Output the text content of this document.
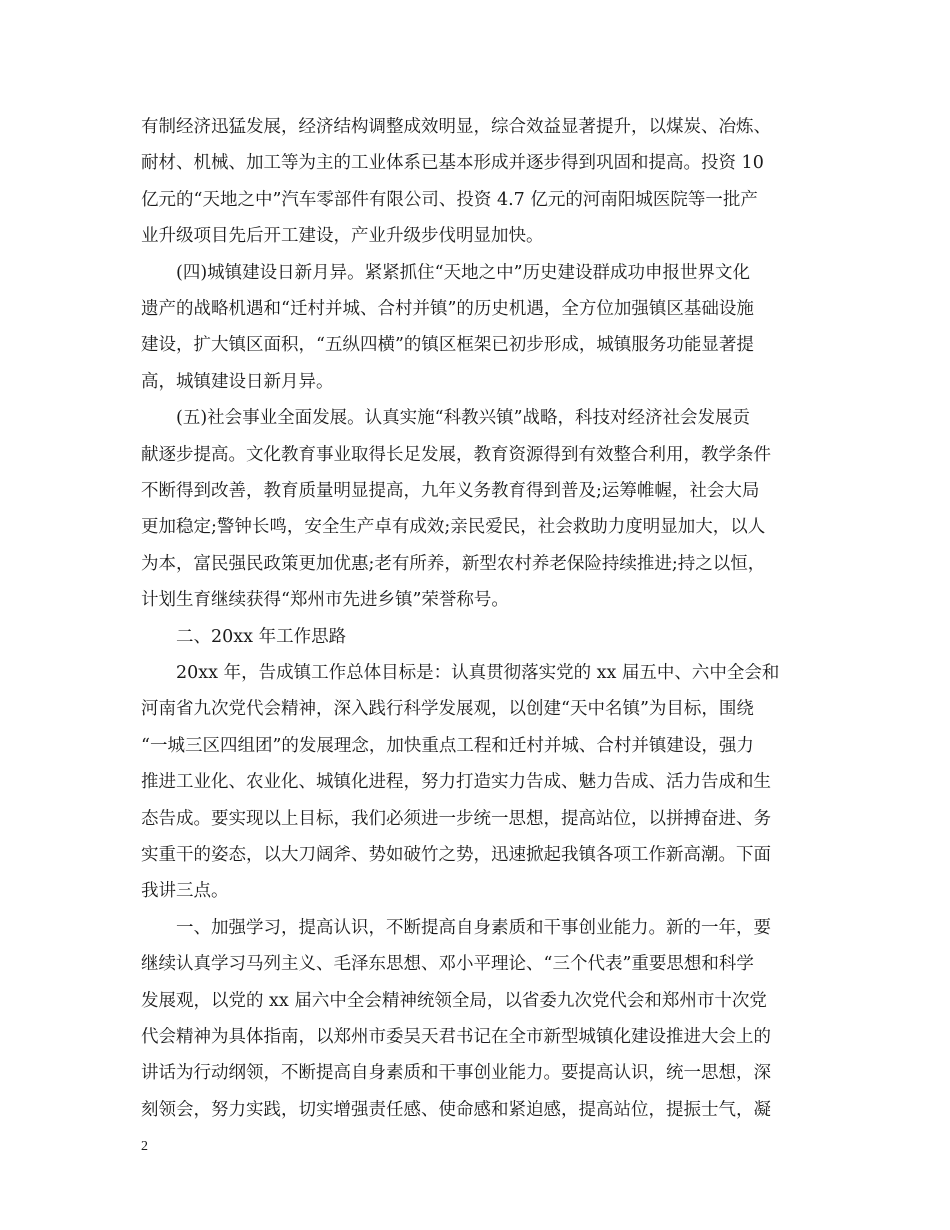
有制经济迅猛发展，经济结构调整成效明显，综合效益显著提升，以煤炭、冶炼、
耐材、机械、加工等为主的工业体系已基本形成并逐步得到巩固和提高。投资 10
亿元的“天地之中”汽车零部件有限公司、投资 4.7 亿元的河南阳城医院等一批产
业升级项目先后开工建设，产业升级步伐明显加快。
　　(四)城镇建设日新月异。紧紧抓住“天地之中”历史建设群成功申报世界文化
遗产的战略机遇和“迁村并城、合村并镇”的历史机遇，全方位加强镇区基础设施
建设，扩大镇区面积，“五纵四横”的镇区框架已初步形成，城镇服务功能显著提
高，城镇建设日新月异。
　　(五)社会事业全面发展。认真实施“科教兴镇”战略，科技对经济社会发展贡
献逐步提高。文化教育事业取得长足发展，教育资源得到有效整合利用，教学条件
不断得到改善，教育质量明显提高，九年义务教育得到普及;运筹帷幄，社会大局
更加稳定;警钟长鸣，安全生产卓有成效;亲民爱民，社会救助力度明显加大，以人
为本，富民强民政策更加优惠;老有所养，新型农村养老保险持续推进;持之以恒，
计划生育继续获得“郑州市先进乡镇”荣誉称号。
　　二、20xx 年工作思路
　　20xx 年，告成镇工作总体目标是：认真贯彻落实党的 xx 届五中、六中全会和
河南省九次党代会精神，深入践行科学发展观，以创建“天中名镇”为目标，围绕
“一城三区四组团”的发展理念，加快重点工程和迁村并城、合村并镇建设，强力
推进工业化、农业化、城镇化进程，努力打造实力告成、魅力告成、活力告成和生
态告成。要实现以上目标，我们必须进一步统一思想，提高站位，以拼搏奋进、务
实重干的姿态，以大刀阔斧、势如破竹之势，迅速掀起我镇各项工作新高潮。下面
我讲三点。
　　一、加强学习，提高认识，不断提高自身素质和干事创业能力。新的一年，要
继续认真学习马列主义、毛泽东思想、邓小平理论、“三个代表”重要思想和科学
发展观，以党的 xx 届六中全会精神统领全局，以省委九次党代会和郑州市十次党
代会精神为具体指南，以郑州市委吴天君书记在全市新型城镇化建设推进大会上的
讲话为行动纲领，不断提高自身素质和干事创业能力。要提高认识，统一思想，深
刻领会，努力实践，切实增强责任感、使命感和紧迫感，提高站位，提振士气，凝
2
